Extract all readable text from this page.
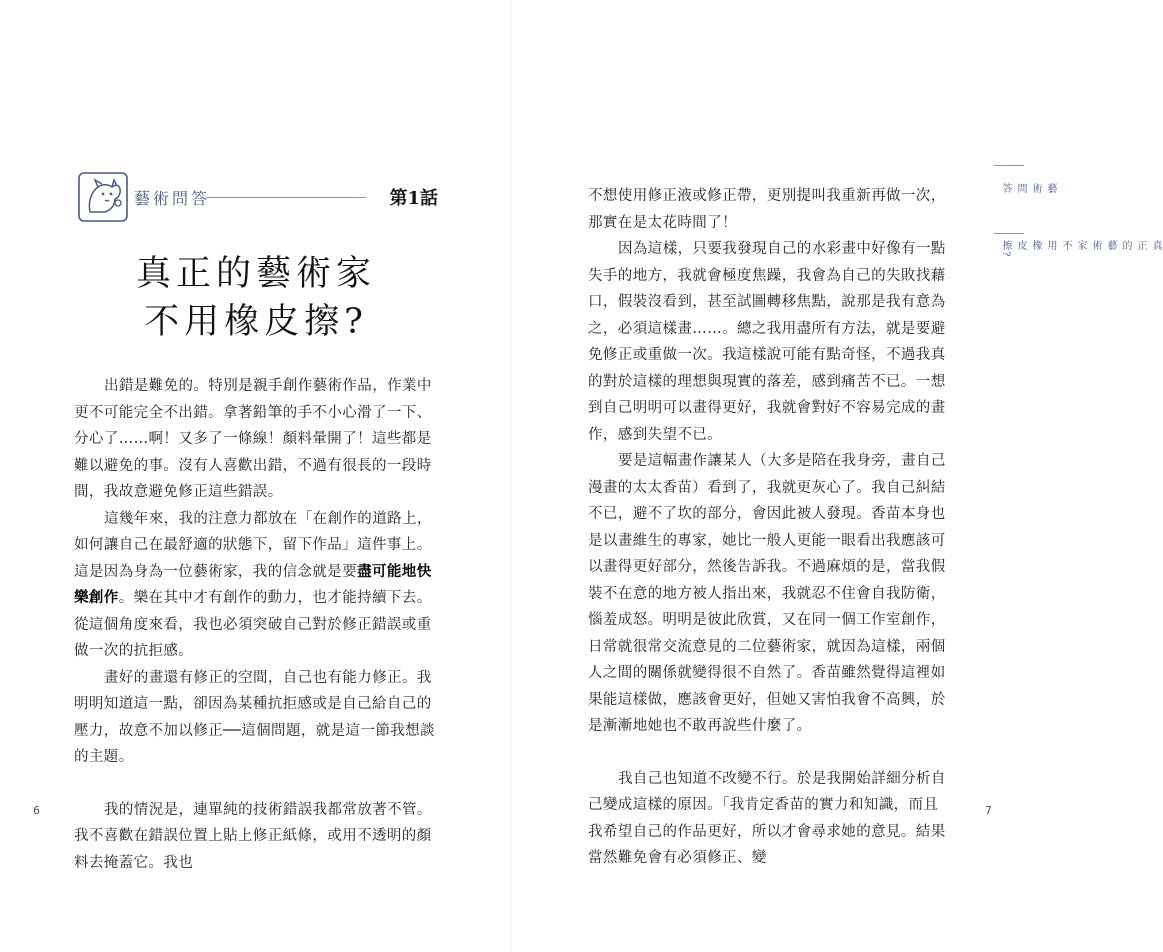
藝術問答	第1話
真正的藝術家
不用橡皮擦?

出錯是難免的。特別是親手創作藝術作品，作業中更不可能完全不出錯。拿著鉛筆的手不小心滑了一下、分心了……啊！又多了一條線！顏料暈開了！這些都是難以避免的事。沒有人喜歡出錯，不過有很長的一段時間，我故意避免修正這些錯誤。

這幾年來，我的注意力都放在「在創作的道路上，如何讓自己在最舒適的狀態下，留下作品」這件事上。這是因為身為一位藝術家，我的信念就是要盡可能地快樂創作。樂在其中才有創作的動力，也才能持續下去。從這個角度來看，我也必須突破自己對於修正錯誤或重做一次的抗拒感。

畫好的畫還有修正的空間，自己也有能力修正。我明明知道這一點，卻因為某種抗拒感或是自己給自己的壓力，故意不加以修正──這個問題，就是這一節我想談的主題。

我的情況是，連單純的技術錯誤我都常放著不管。我不喜歡在錯誤位置上貼上修正紙條，或用不透明的顏料去掩蓋它。我也

6

不想使用修正液或修正帶，更別提叫我重新再做一次，那實在是太花時間了！

因為這樣，只要我發現自己的水彩畫中好像有一點失手的地方，我就會極度焦躁，我會為自己的失敗找藉口，假裝沒看到，甚至試圖轉移焦點，說那是我有意為之，必須這樣畫……。總之我用盡所有方法，就是要避免修正或重做一次。我這樣說可能有點奇怪，不過我真的對於這樣的理想與現實的落差，感到痛苦不已。一想到自己明明可以畫得更好，我就會對好不容易完成的畫作，感到失望不已。

要是這幅畫作讓某人（大多是陪在我身旁，畫自己漫畫的太太香苗）看到了，我就更灰心了。我自己糾結不已，避不了坎的部分，會因此被人發現。香苗本身也是以畫維生的專家，她比一般人更能一眼看出我應該可以畫得更好部分，然後告訴我。不過麻煩的是，當我假裝不在意的地方被人指出來，我就忍不住會自我防衛，惱羞成怒。明明是彼此欣賞，又在同一個工作室創作，日常就很常交流意見的二位藝術家，就因為這樣，兩個人之間的關係就變得很不自然了。香苗雖然覺得這裡如果能這樣做，應該會更好，但她又害怕我會不高興，於是漸漸地她也不敢再說些什麼了。

我自己也知道不改變不行。於是我開始詳細分析自己變成這樣的原因。「我肯定香苗的實力和知識，而且我希望自己的作品更好，所以才會尋求她的意見。結果當然難免會有必須修正、變

藝術問答
真正的藝術家不用橡皮擦?
7
